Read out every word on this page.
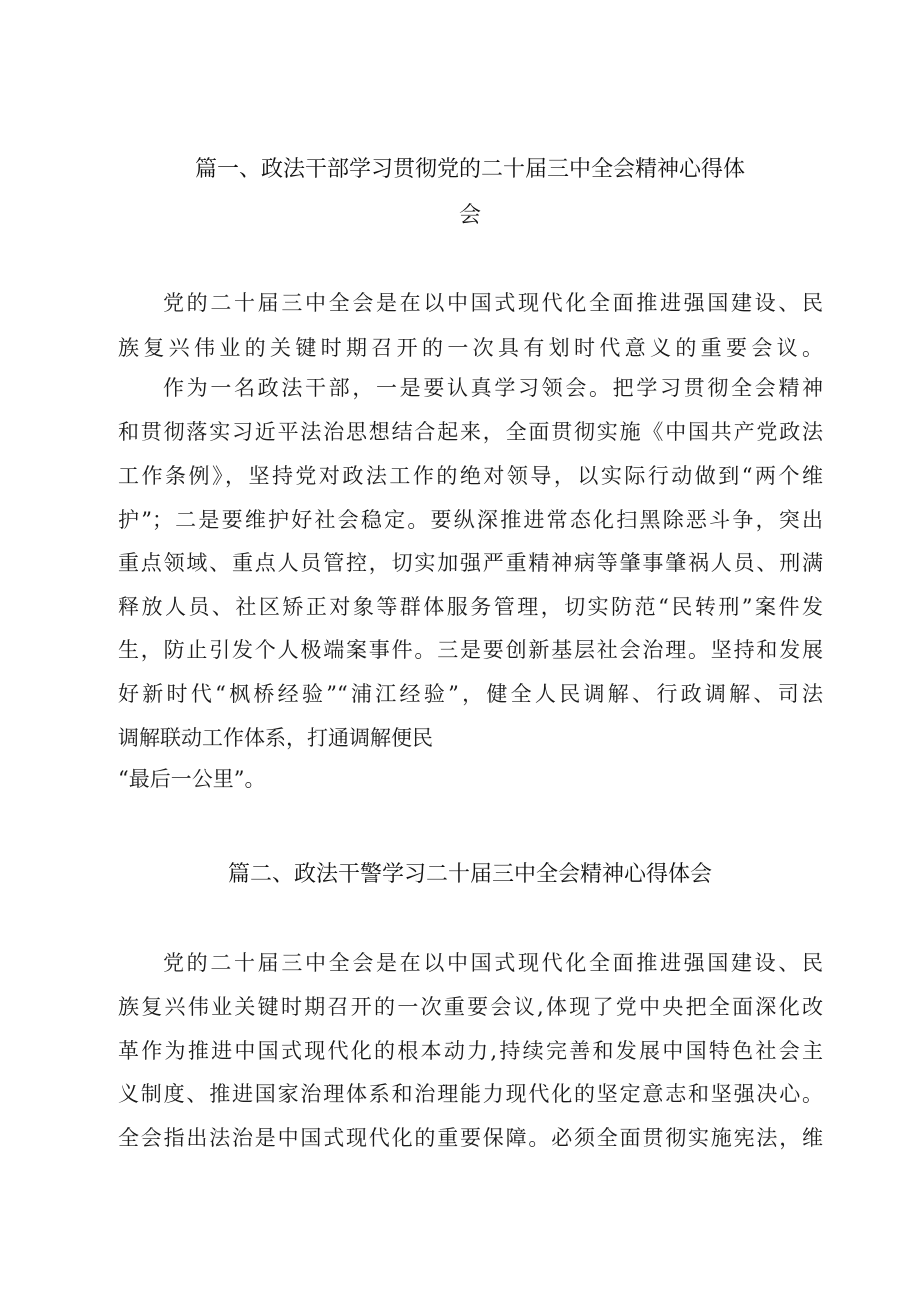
篇一、政法干部学习贯彻党的二十届三中全会精神心得体
会
党的二十届三中全会是在以中国式现代化全面推进强国建设、民
族复兴伟业的关键时期召开的一次具有划时代意义的重要会议。
作为一名政法干部，一是要认真学习领会。把学习贯彻全会精神
和贯彻落实习近平法治思想结合起来，全面贯彻实施《中国共产党政法
工作条例》，坚持党对政法工作的绝对领导，以实际行动做到“两个维
护”；二是要维护好社会稳定。要纵深推进常态化扫黑除恶斗争，突出
重点领域、重点人员管控，切实加强严重精神病等肇事肇祸人员、刑满
释放人员、社区矫正对象等群体服务管理，切实防范“民转刑”案件发
生，防止引发个人极端案事件。三是要创新基层社会治理。坚持和发展
好新时代“枫桥经验”“浦江经验”，健全人民调解、行政调解、司法
调解联动工作体系，打通调解便民
“最后一公里”。
篇二、政法干警学习二十届三中全会精神心得体会
党的二十届三中全会是在以中国式现代化全面推进强国建设、民
族复兴伟业关键时期召开的一次重要会议,体现了党中央把全面深化改
革作为推进中国式现代化的根本动力,持续完善和发展中国特色社会主
义制度、推进国家治理体系和治理能力现代化的坚定意志和坚强决心。
全会指出法治是中国式现代化的重要保障。必须全面贯彻实施宪法，维
